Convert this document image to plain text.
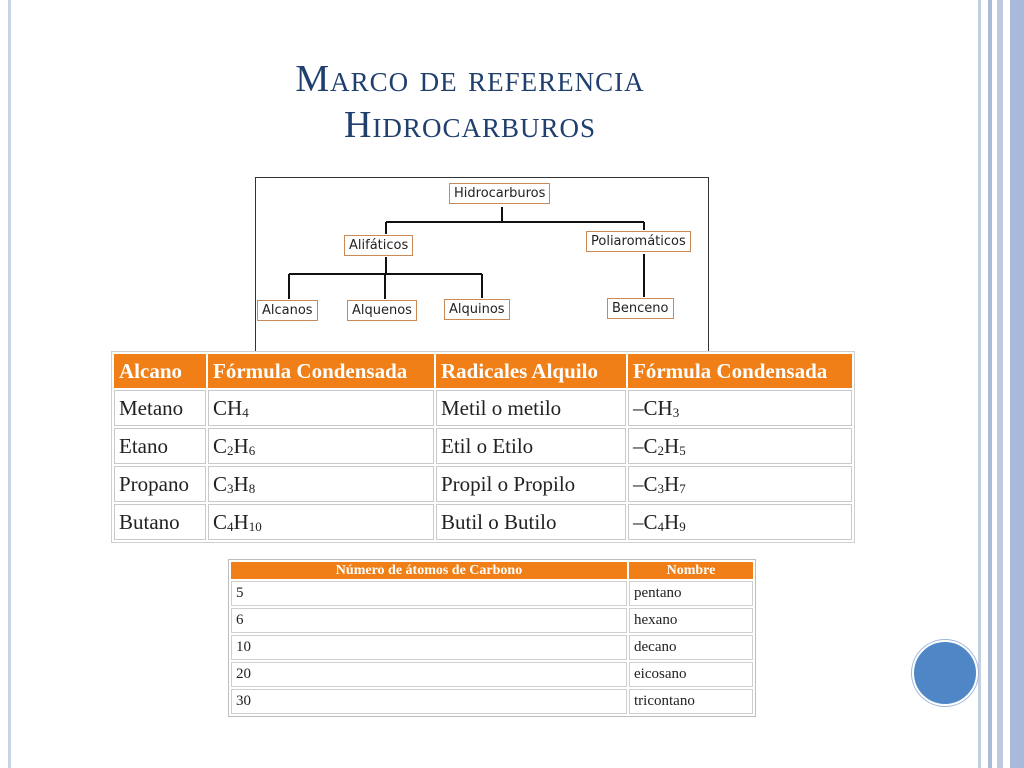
Marco de referencia
Hidrocarburos
Hidrocarburos
Alifáticos	Poliaromáticos
Alcanos	Alquenos	Alquinos	Benceno
Alcano	Fórmula Condensada	Radicales Alquilo	Fórmula Condensada
Metano	$CH_4$	Metil o metilo	$-CH_3$
Etano	$C_2H_6$	Etil o Etilo	$-C_2H_5$
Propano	$C_3H_8$	Propil o Propilo	$-C_3H_7$
Butano	$C_4H_{10}$	Butil o Butilo	$-C_4H_9$
Número de átomos de Carbono	Nombre
5	pentano
6	hexano
10	decano
20	eicosano
30	tricontano
